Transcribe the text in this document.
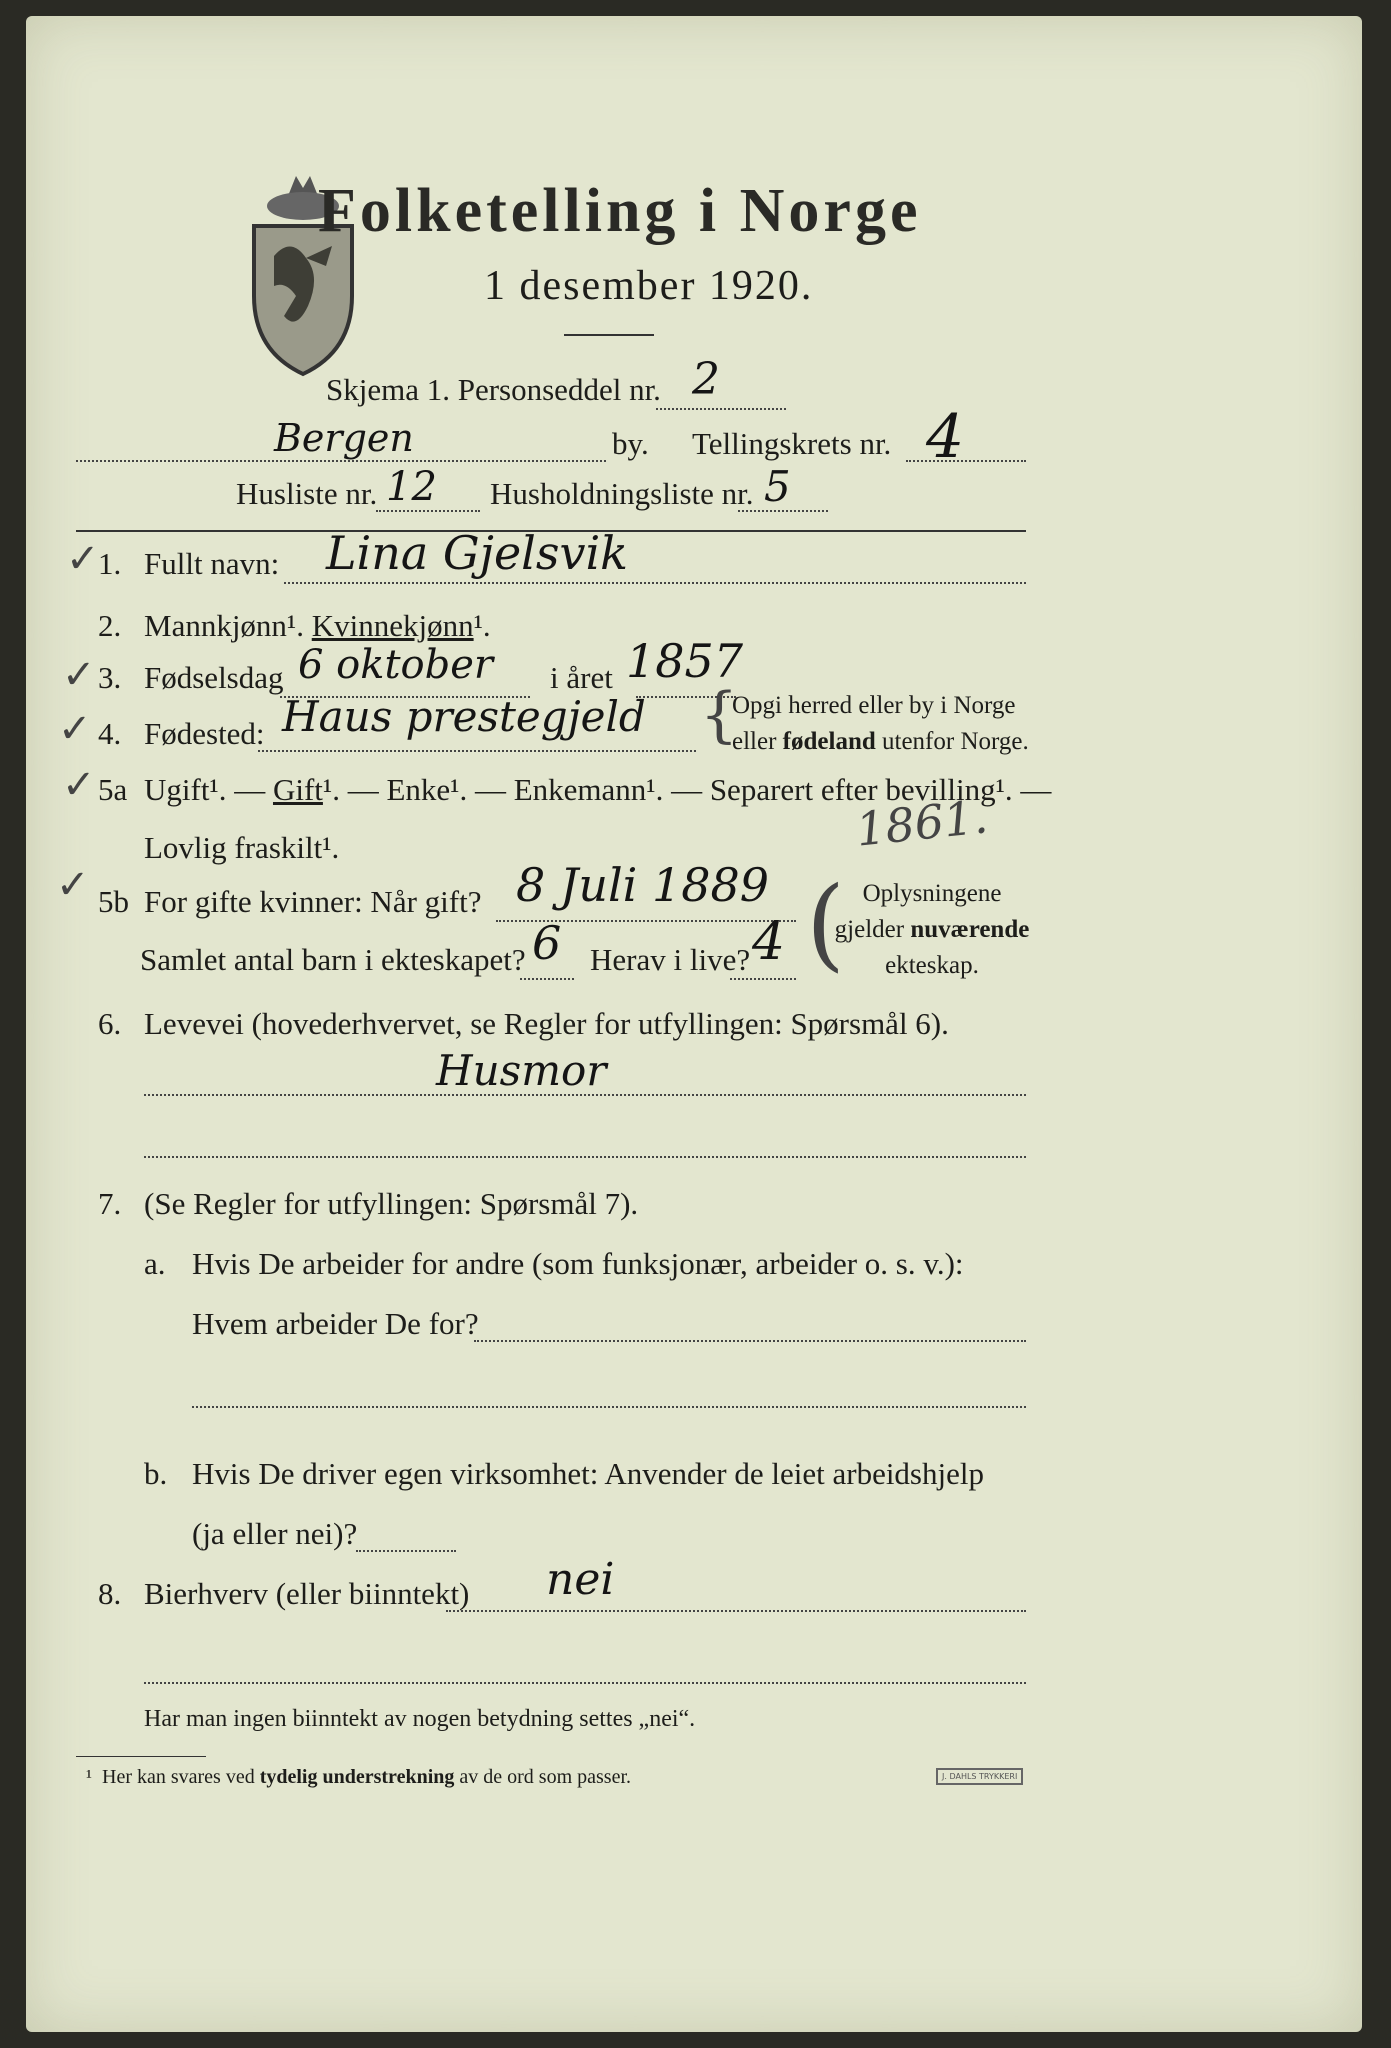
Folketelling i Norge
1 desember 1920.
Skjema 1. Personseddel nr. 2
Bergen	by. Tellingskrets nr. 4
Husliste nr. 12 Husholdningsliste nr. 5
✓
1. Fullt navn: Lina Gjelsvik
2. Mannkjønn¹. Kvinnekjønn¹.
✓ 3. Fødselsdag 6 oktober i året 1857
✓ 4. Fødested: Haus prestegjeld {
Opgi herred eller by i Norge
eller fødeland utenfor Norge.
✓ 5a Ugift¹. — Gift¹. — Enke¹. — Enkemann¹. — Separert efter bevilling¹. —
Lovlig fraskilt¹.	1861.
✓ 5b For gifte kvinner: Når gift? 8 Juli 1889
Samlet antal barn i ekteskapet? 6 Herav i live? 4 ( Oplysningene
gjelder nuværende
ekteskap.
6. Levevei (hovederhvervet, se Regler for utfyllingen: Spørsmål 6).
Husmor
7. (Se Regler for utfyllingen: Spørsmål 7).
a. Hvis De arbeider for andre (som funksjonær, arbeider o. s. v.):
Hvem arbeider De for?
b. Hvis De driver egen virksomhet: Anvender de leiet arbeidshjelp
(ja eller nei)?
8. Bierhverv (eller biinntekt) nei
Har man ingen biinntekt av nogen betydning settes „nei“.
¹ Her kan svares ved tydelig understrekning av de ord som passer.	J. DAHLS TRYKKERI
